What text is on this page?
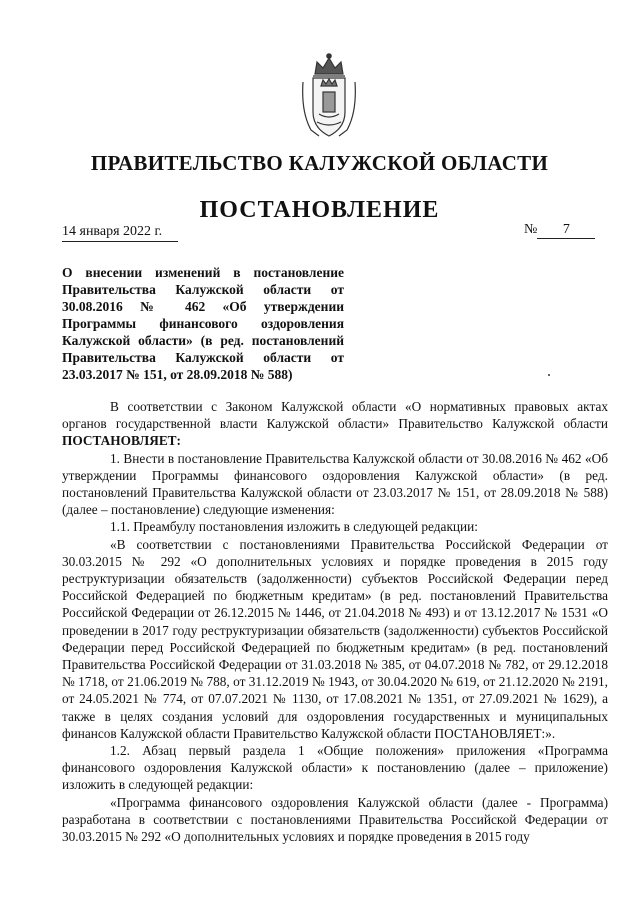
ПРАВИТЕЛЬСТВО КАЛУЖСКОЙ ОБЛАСТИ
ПОСТАНОВЛЕНИЕ
14 января 2022 г.	№ 7
О внесении изменений в постановление Правительства Калужской области от 30.08.2016 № 462 «Об утверждении Программы финансового оздоровления Калужской области» (в ред. постановлений Правительства Калужской области от 23.03.2017 № 151, от 28.09.2018 № 588)

В соответствии с Законом Калужской области «О нормативных правовых актах органов государственной власти Калужской области» Правительство Калужской области ПОСТАНОВЛЯЕТ:

1. Внести в постановление Правительства Калужской области от 30.08.2016 № 462 «Об утверждении Программы финансового оздоровления Калужской области» (в ред. постановлений Правительства Калужской области от 23.03.2017 № 151, от 28.09.2018 № 588) (далее – постановление) следующие изменения:

1.1. Преамбулу постановления изложить в следующей редакции:

«В соответствии с постановлениями Правительства Российской Федерации от 30.03.2015 № 292 «О дополнительных условиях и порядке проведения в 2015 году реструктуризации обязательств (задолженности) субъектов Российской Федерации перед Российской Федерацией по бюджетным кредитам» (в ред. постановлений Правительства Российской Федерации от 26.12.2015 № 1446, от 21.04.2018 № 493) и от 13.12.2017 № 1531 «О проведении в 2017 году реструктуризации обязательств (задолженности) субъектов Российской Федерации перед Российской Федерацией по бюджетным кредитам» (в ред. постановлений Правительства Российской Федерации от 31.03.2018 № 385, от 04.07.2018 № 782, от 29.12.2018 № 1718, от 21.06.2019 № 788, от 31.12.2019 № 1943, от 30.04.2020 № 619, от 21.12.2020 № 2191, от 24.05.2021 № 774, от 07.07.2021 № 1130, от 17.08.2021 № 1351, от 27.09.2021 № 1629), а также в целях создания условий для оздоровления государственных и муниципальных финансов Калужской области Правительство Калужской области ПОСТАНОВЛЯЕТ:».

1.2. Абзац первый раздела 1 «Общие положения» приложения «Программа финансового оздоровления Калужской области» к постановлению (далее – приложение) изложить в следующей редакции:

«Программа финансового оздоровления Калужской области (далее - Программа) разработана в соответствии с постановлениями Правительства Российской Федерации от 30.03.2015 № 292 «О дополнительных условиях и порядке проведения в 2015 году
